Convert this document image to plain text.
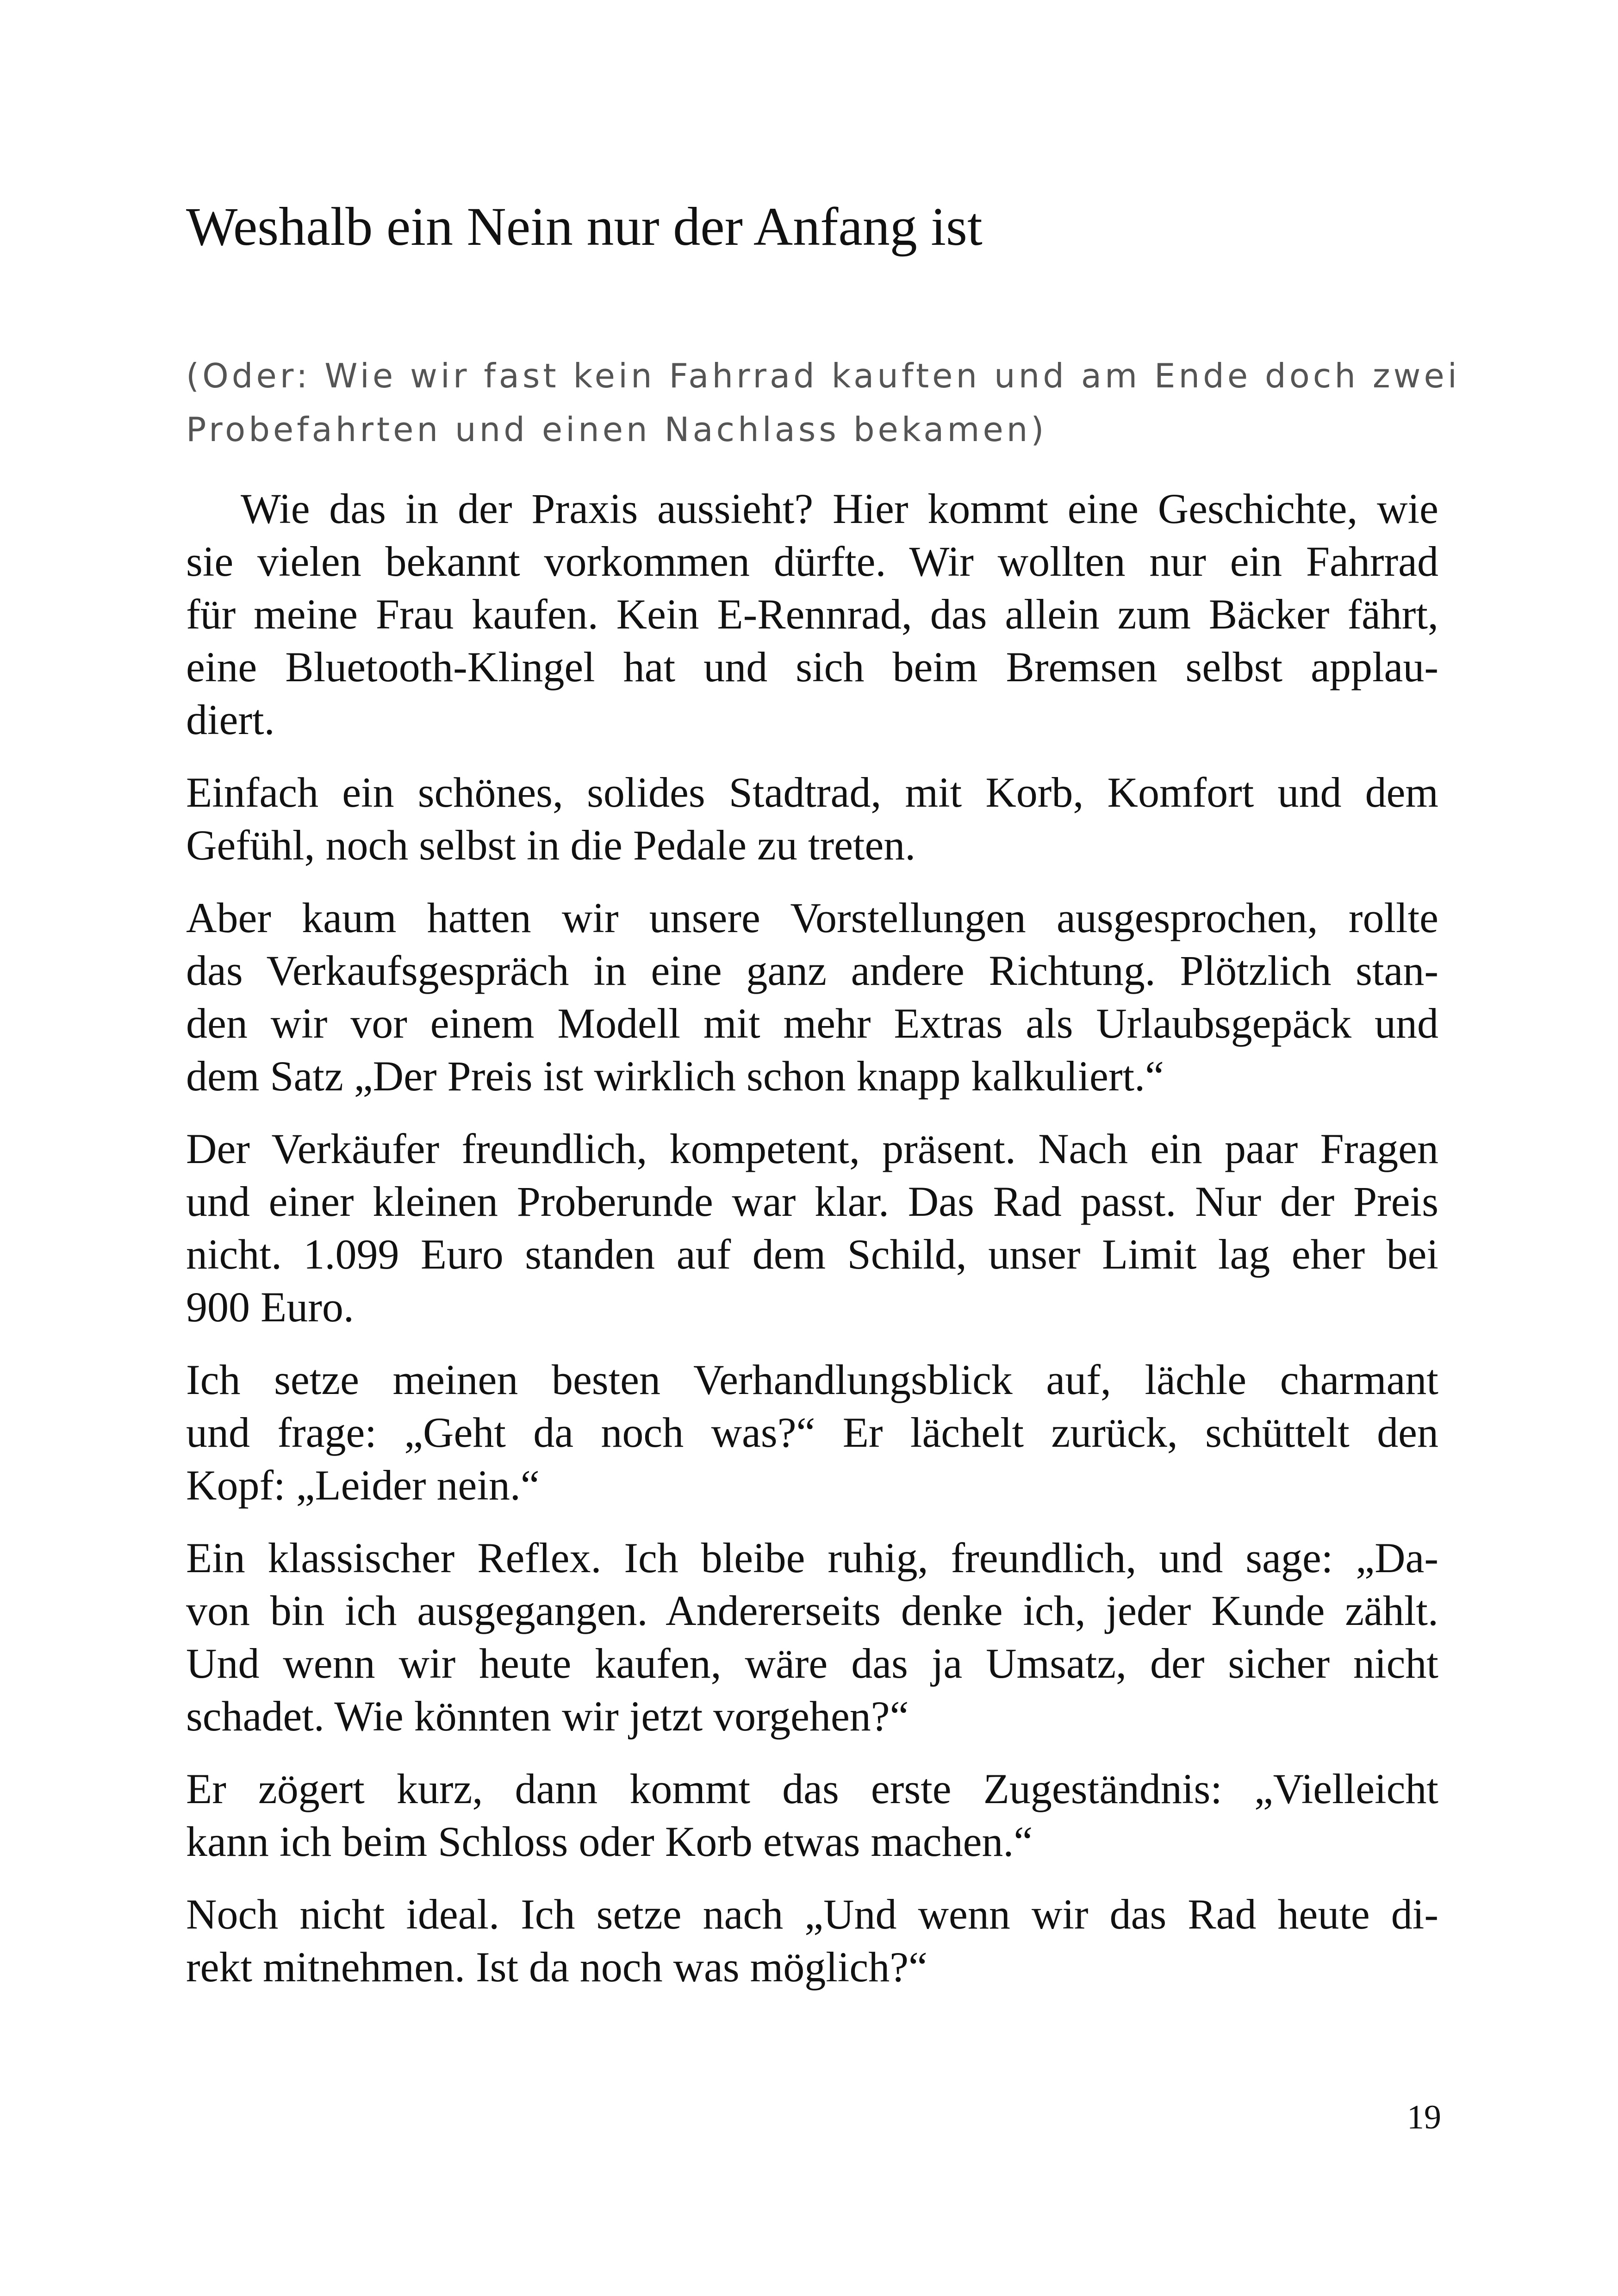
Weshalb ein Nein nur der Anfang ist
(Oder: Wie wir fast kein Fahrrad kauften und am Ende doch zwei
Probefahrten und einen Nachlass bekamen)

Wie das in der Praxis aussieht? Hier kommt eine Geschichte, wie
sie vielen bekannt vorkommen dürfte. Wir wollten nur ein Fahrrad
für meine Frau kaufen. Kein E-Rennrad, das allein zum Bäcker fährt,
eine Bluetooth-Klingel hat und sich beim Bremsen selbst applau-
diert.

Einfach ein schönes, solides Stadtrad, mit Korb, Komfort und dem
Gefühl, noch selbst in die Pedale zu treten.

Aber kaum hatten wir unsere Vorstellungen ausgesprochen, rollte
das Verkaufsgespräch in eine ganz andere Richtung. Plötzlich stan-
den wir vor einem Modell mit mehr Extras als Urlaubsgepäck und
dem Satz „Der Preis ist wirklich schon knapp kalkuliert.“

Der Verkäufer freundlich, kompetent, präsent. Nach ein paar Fragen
und einer kleinen Proberunde war klar. Das Rad passt. Nur der Preis
nicht. 1.099 Euro standen auf dem Schild, unser Limit lag eher bei
900 Euro.

Ich setze meinen besten Verhandlungsblick auf, lächle charmant
und frage: „Geht da noch was?“ Er lächelt zurück, schüttelt den
Kopf: „Leider nein.“

Ein klassischer Reflex. Ich bleibe ruhig, freundlich, und sage: „Da-
von bin ich ausgegangen. Andererseits denke ich, jeder Kunde zählt.
Und wenn wir heute kaufen, wäre das ja Umsatz, der sicher nicht
schadet. Wie könnten wir jetzt vorgehen?“

Er zögert kurz, dann kommt das erste Zugeständnis: „Vielleicht
kann ich beim Schloss oder Korb etwas machen.“

Noch nicht ideal. Ich setze nach „Und wenn wir das Rad heute di-
rekt mitnehmen. Ist da noch was möglich?“

19
